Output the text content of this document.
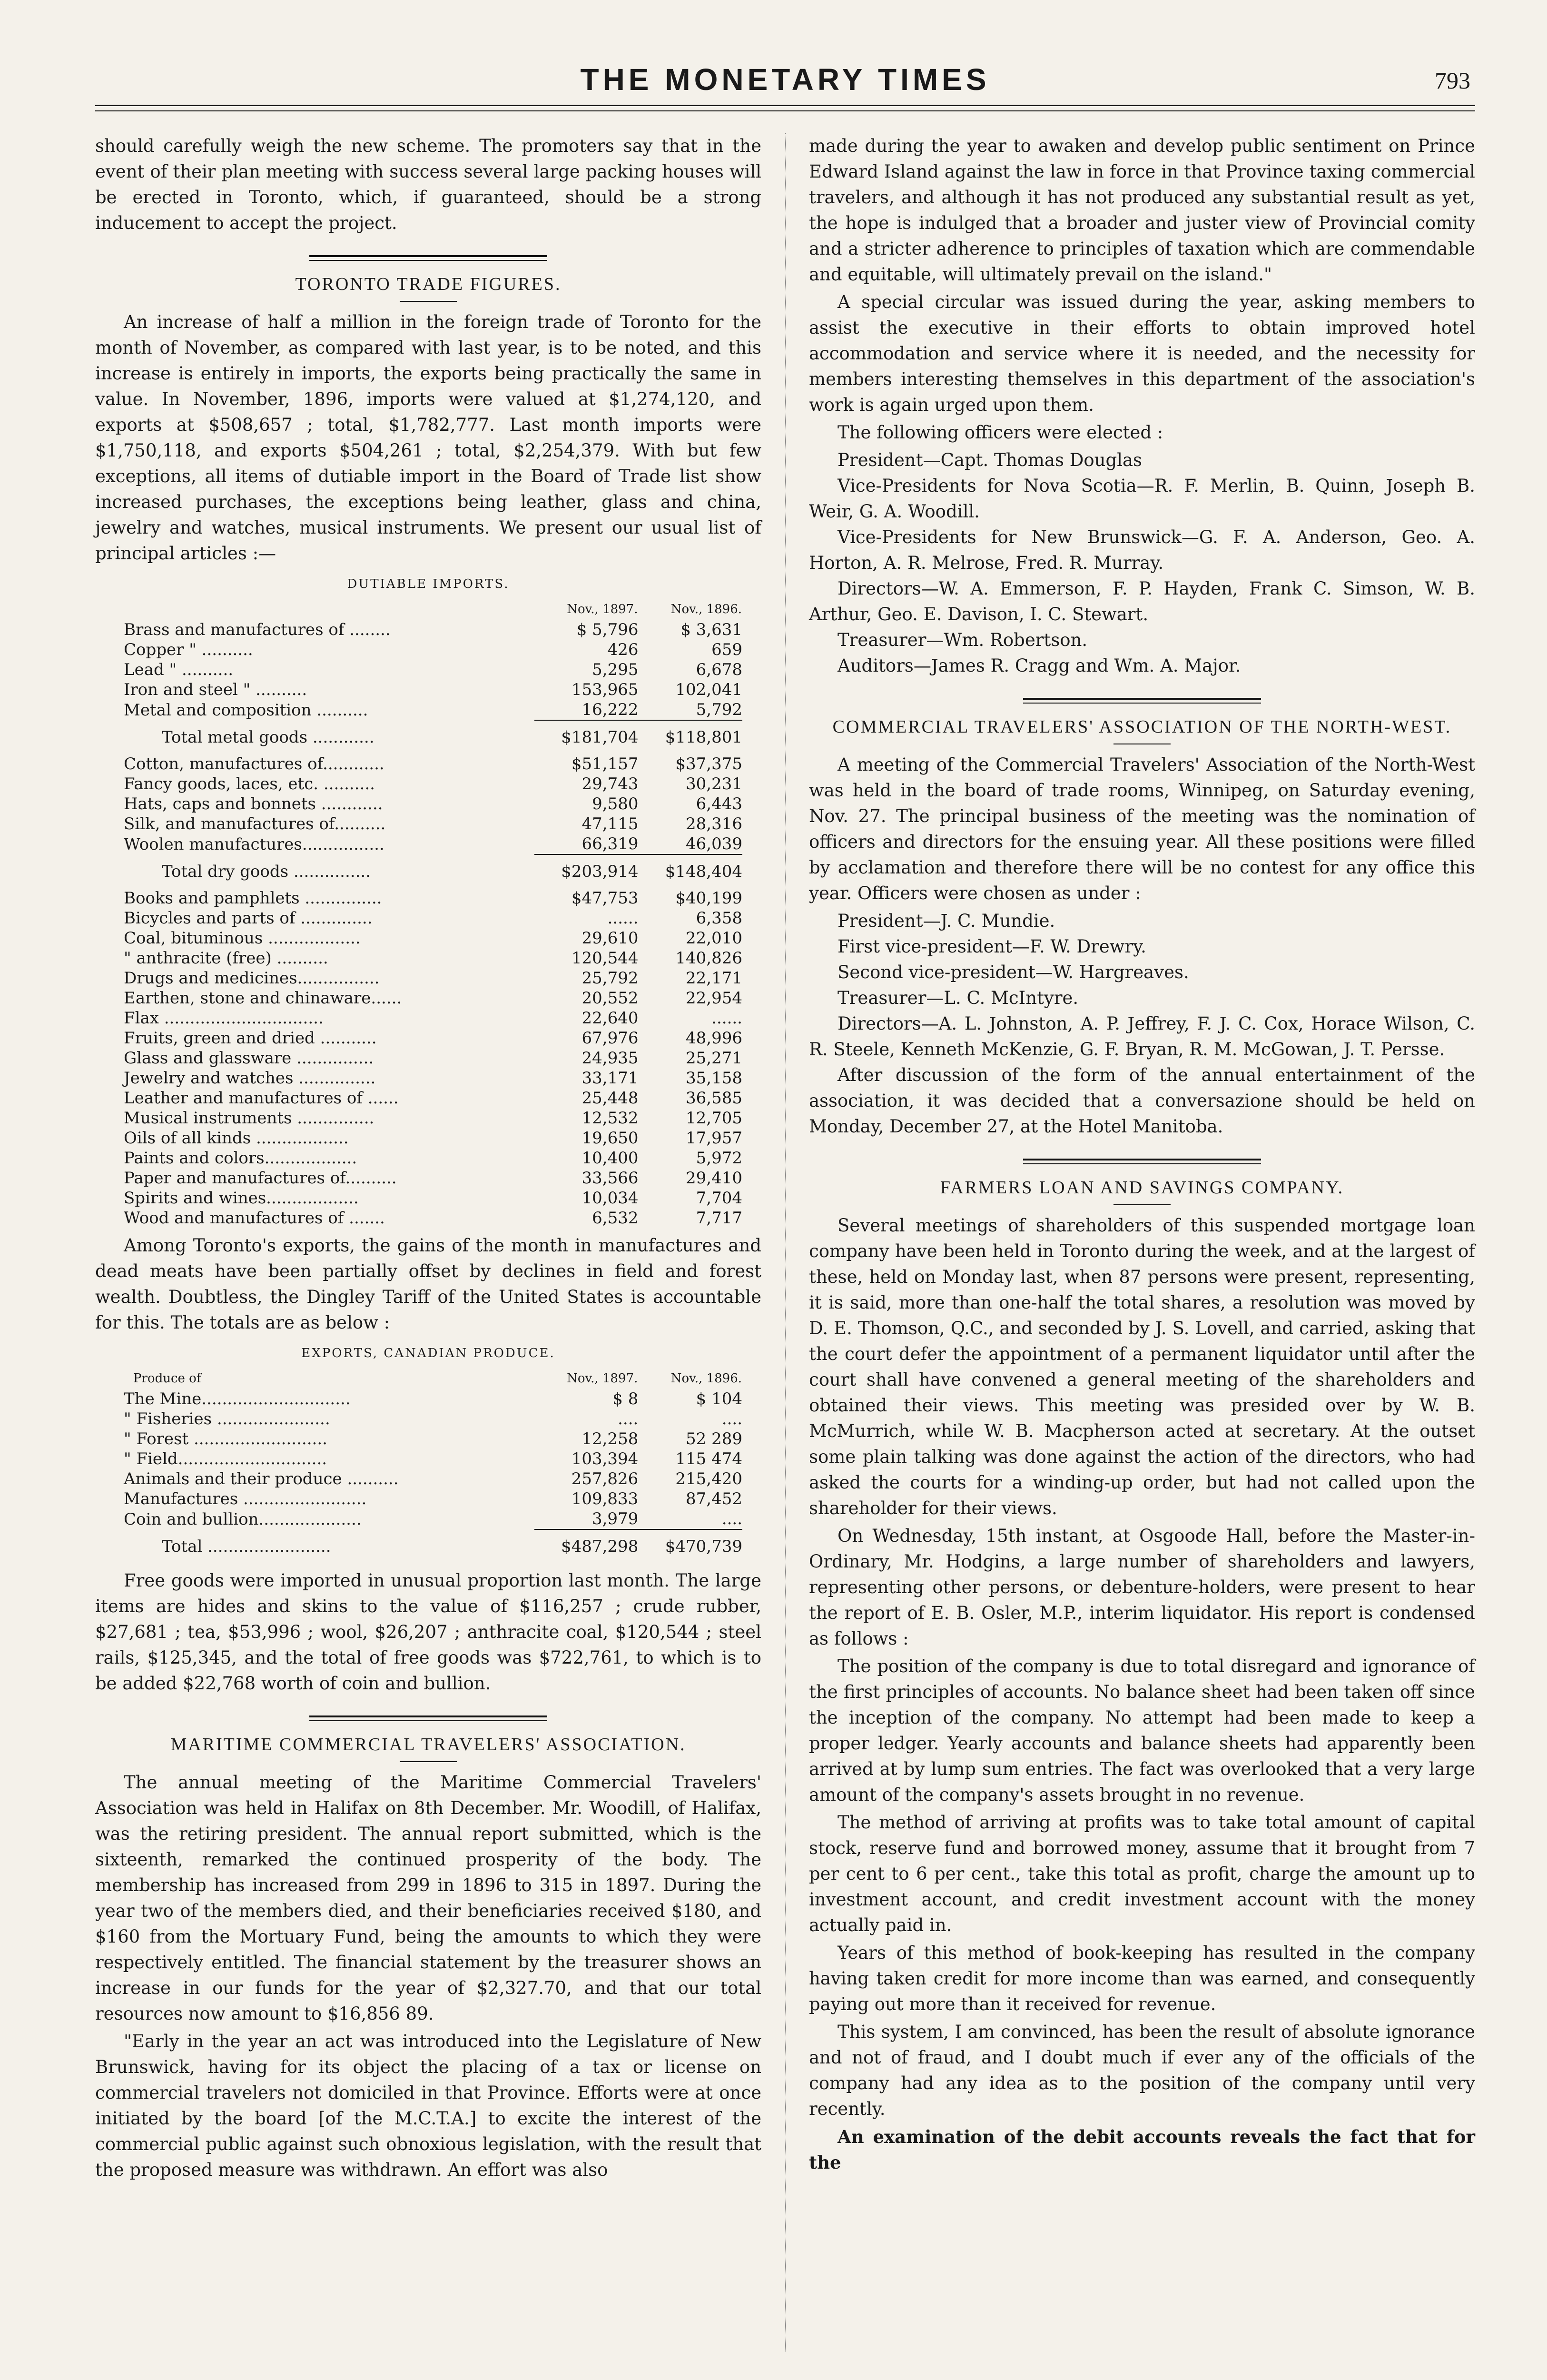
THE MONETARY TIMES	793

should carefully weigh the new scheme. The promoters say that in the event of their plan meeting with success several large packing houses will be erected in Toronto, which, if guaranteed, should be a strong inducement to accept the project.

TORONTO TRADE FIGURES.

An increase of half a million in the foreign trade of Toronto for the month of November, as compared with last year, is to be noted, and this increase is entirely in imports, the exports being practically the same in value. In November, 1896, imports were valued at $1,274,120, and exports at $508,657 ; total, $1,782,777. Last month imports were $1,750,118, and exports $504,261 ; total, $2,254,379. With but few exceptions, all items of dutiable import in the Board of Trade list show increased purchases, the exceptions being leather, glass and china, jewelry and watches, musical instruments. We present our usual list of principal articles :—

DUTIABLE IMPORTS.
	Nov., 1897.	Nov., 1896.
Brass and manufactures of ........	$ 5,796	$ 3,631
Copper " ..........	426	659
Lead " ..........	5,295	6,678
Iron and steel " ..........	153,965	102,041
Metal and composition ..........	16,222	5,792
Total metal goods ............	$181,704	$118,801
Cotton, manufactures of............	$51,157	$37,375
Fancy goods, laces, etc. ..........	29,743	30,231
Hats, caps and bonnets ............	9,580	6,443
Silk, and manufactures of..........	47,115	28,316
Woolen manufactures................	66,319	46,039
Total dry goods ...............	$203,914	$148,404
Books and pamphlets ...............	$47,753	$40,199
Bicycles and parts of ..............	......	6,358
Coal, bituminous ..................	29,610	22,010
" anthracite (free) ..........	120,544	140,826
Drugs and medicines................	25,792	22,171
Earthen, stone and chinaware......	20,552	22,954
Flax ...............................	22,640	......
Fruits, green and dried ...........	67,976	48,996
Glass and glassware ...............	24,935	25,271
Jewelry and watches ...............	33,171	35,158
Leather and manufactures of ......	25,448	36,585
Musical instruments ...............	12,532	12,705
Oils of all kinds ..................	19,650	17,957
Paints and colors..................	10,400	5,972
Paper and manufactures of..........	33,566	29,410
Spirits and wines..................	10,034	7,704
Wood and manufactures of .......	6,532	7,717

Among Toronto's exports, the gains of the month in manufactures and dead meats have been partially offset by declines in field and forest wealth. Doubtless, the Dingley Tariff of the United States is accountable for this. The totals are as below :

EXPORTS, CANADIAN PRODUCE.
Produce of	Nov., 1897.	Nov., 1896.
The Mine.............................	$ 8	$ 104
" Fisheries ......................	....	....
" Forest ..........................	12,258	52 289
" Field.............................	103,394	115 474
Animals and their produce ..........	257,826	215,420
Manufactures ........................	109,833	87,452
Coin and bullion....................	3,979	....
Total ........................	$487,298	$470,739

Free goods were imported in unusual proportion last month. The large items are hides and skins to the value of $116,257 ; crude rubber, $27,681 ; tea, $53,996 ; wool, $26,207 ; anthracite coal, $120,544 ; steel rails, $125,345, and the total of free goods was $722,761, to which is to be added $22,768 worth of coin and bullion.

MARITIME COMMERCIAL TRAVELERS' ASSOCIATION.

The annual meeting of the Maritime Commercial Travelers' Association was held in Halifax on 8th December. Mr. Woodill, of Halifax, was the retiring president. The annual report submitted, which is the sixteenth, remarked the continued prosperity of the body. The membership has increased from 299 in 1896 to 315 in 1897. During the year two of the members died, and their beneficiaries received $180, and $160 from the Mortuary Fund, being the amounts to which they were respectively entitled. The financial statement by the treasurer shows an increase in our funds for the year of $2,327.70, and that our total resources now amount to $16,856 89.

"Early in the year an act was introduced into the Legislature of New Brunswick, having for its object the placing of a tax or license on commercial travelers not domiciled in that Province. Efforts were at once initiated by the board [of the M.C.T.A.] to excite the interest of the commercial public against such obnoxious legislation, with the result that the proposed measure was withdrawn. An effort was also

made during the year to awaken and develop public sentiment on Prince Edward Island against the law in force in that Province taxing commercial travelers, and although it has not produced any substantial result as yet, the hope is indulged that a broader and juster view of Provincial comity and a stricter adherence to principles of taxation which are commendable and equitable, will ultimately prevail on the island."

A special circular was issued during the year, asking members to assist the executive in their efforts to obtain improved hotel accommodation and service where it is needed, and the necessity for members interesting themselves in this department of the association's work is again urged upon them.

The following officers were elected :

President—Capt. Thomas Douglas

Vice-Presidents for Nova Scotia—R. F. Merlin, B. Quinn, Joseph B. Weir, G. A. Woodill.

Vice-Presidents for New Brunswick—G. F. A. Anderson, Geo. A. Horton, A. R. Melrose, Fred. R. Murray.

Directors—W. A. Emmerson, F. P. Hayden, Frank C. Simson, W. B. Arthur, Geo. E. Davison, I. C. Stewart.

Treasurer—Wm. Robertson.

Auditors—James R. Cragg and Wm. A. Major.

COMMERCIAL TRAVELERS' ASSOCIATION OF THE NORTH-WEST.

A meeting of the Commercial Travelers' Association of the North-West was held in the board of trade rooms, Winnipeg, on Saturday evening, Nov. 27. The principal business of the meeting was the nomination of officers and directors for the ensuing year. All these positions were filled by acclamation and therefore there will be no contest for any office this year. Officers were chosen as under :

President—J. C. Mundie.

First vice-president—F. W. Drewry.

Second vice-president—W. Hargreaves.

Treasurer—L. C. McIntyre.

Directors—A. L. Johnston, A. P. Jeffrey, F. J. C. Cox, Horace Wilson, C. R. Steele, Kenneth McKenzie, G. F. Bryan, R. M. McGowan, J. T. Persse.

After discussion of the form of the annual entertainment of the association, it was decided that a conversazione should be held on Monday, December 27, at the Hotel Manitoba.

FARMERS LOAN AND SAVINGS COMPANY.

Several meetings of shareholders of this suspended mortgage loan company have been held in Toronto during the week, and at the largest of these, held on Monday last, when 87 persons were present, representing, it is said, more than one-half the total shares, a resolution was moved by D. E. Thomson, Q.C., and seconded by J. S. Lovell, and carried, asking that the court defer the appointment of a permanent liquidator until after the court shall have convened a general meeting of the shareholders and obtained their views. This meeting was presided over by W. B. McMurrich, while W. B. Macpherson acted at secretary. At the outset some plain talking was done against the action of the directors, who had asked the courts for a winding-up order, but had not called upon the shareholder for their views.

On Wednesday, 15th instant, at Osgoode Hall, before the Master-in-Ordinary, Mr. Hodgins, a large number of shareholders and lawyers, representing other persons, or debenture-holders, were present to hear the report of E. B. Osler, M.P., interim liquidator. His report is condensed as follows :

The position of the company is due to total disregard and ignorance of the first principles of accounts. No balance sheet had been taken off since the inception of the company. No attempt had been made to keep a proper ledger. Yearly accounts and balance sheets had apparently been arrived at by lump sum entries. The fact was overlooked that a very large amount of the company's assets brought in no revenue.

The method of arriving at profits was to take total amount of capital stock, reserve fund and borrowed money, assume that it brought from 7 per cent to 6 per cent., take this total as profit, charge the amount up to investment account, and credit investment account with the money actually paid in.

Years of this method of book-keeping has resulted in the company having taken credit for more income than was earned, and consequently paying out more than it received for revenue.

This system, I am convinced, has been the result of absolute ignorance and not of fraud, and I doubt much if ever any of the officials of the company had any idea as to the position of the company until very recently.

An examination of the debit accounts reveals the fact that for the
